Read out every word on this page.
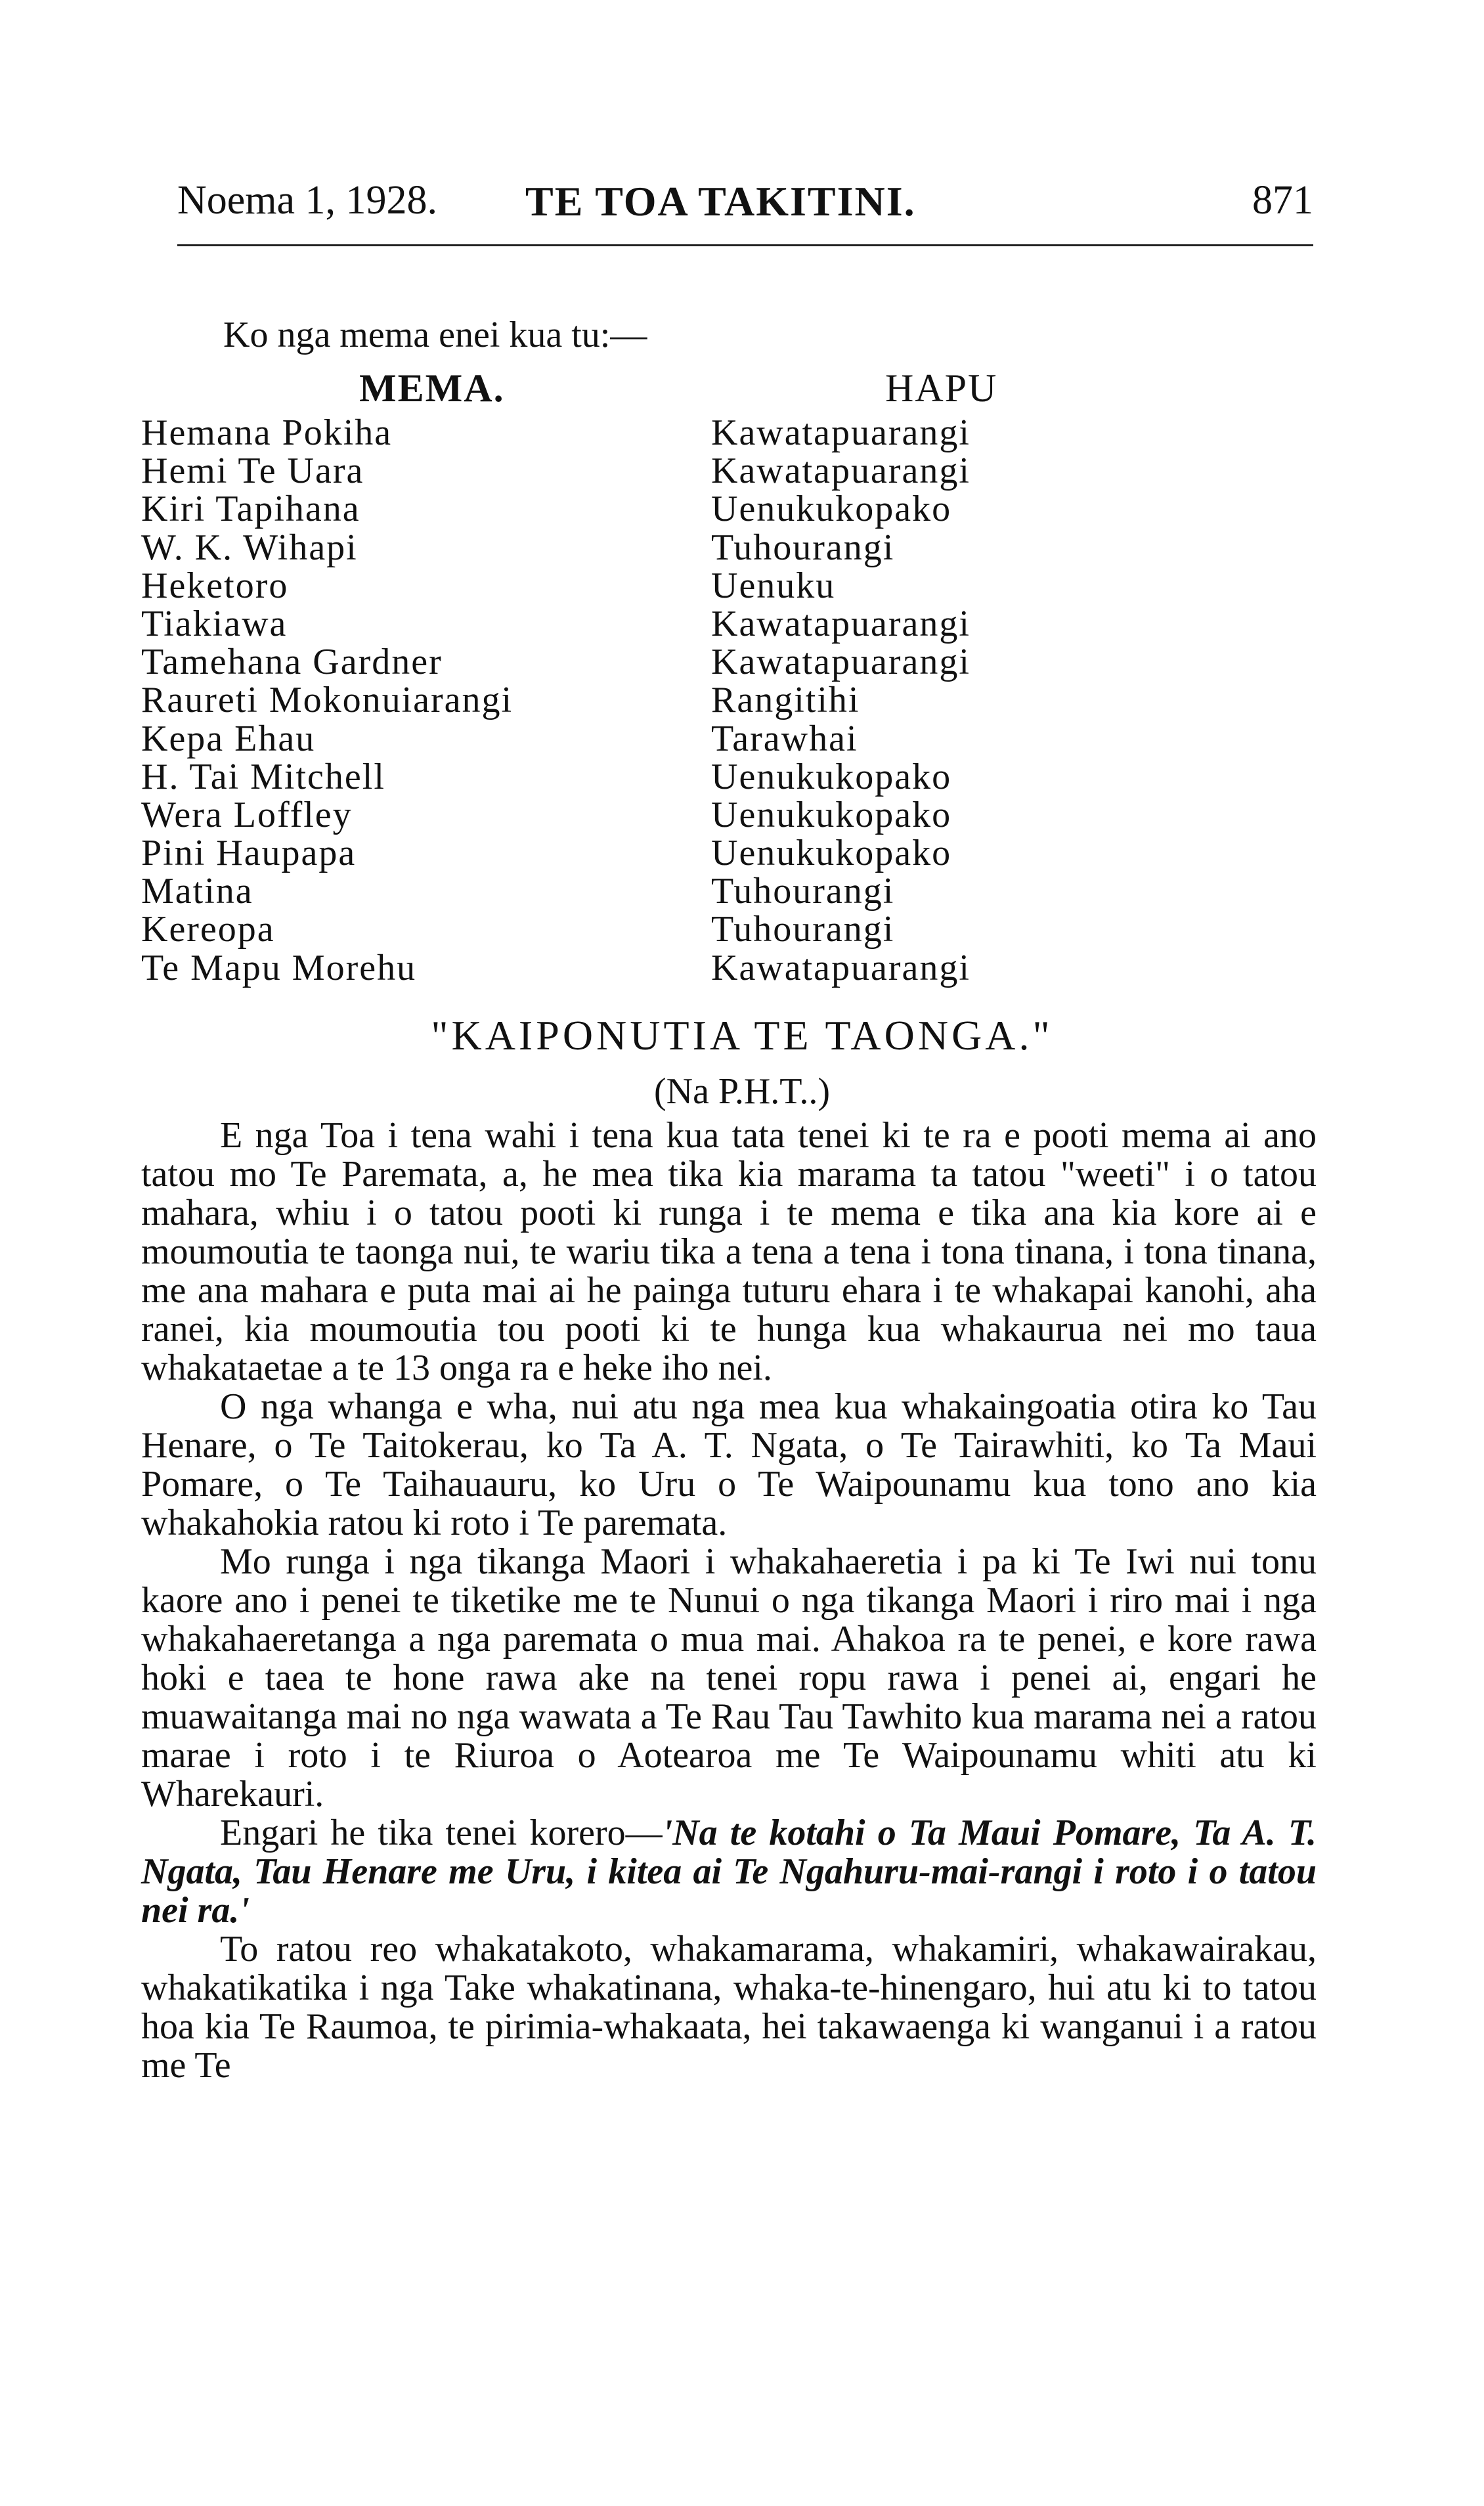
Noema 1, 1928. TE TOA TAKITINI.	871
Ko nga mema enei kua tu:—
MEMA.
Hemana Pokiha
Hemi Te Uara
Kiri Tapihana
W. K. Wihapi
Heketoro
Tiakiawa
Tamehana Gardner
Raureti Mokonuiarangi
Kepa Ehau
H. Tai Mitchell
Wera Loffley
Pini Haupapa
Matina
Kereopa
Te Mapu Morehu
HAPU
Kawatapuarangi
Kawatapuarangi
Uenukukopako
Tuhourangi
Uenuku
Kawatapuarangi
Kawatapuarangi
Rangitihi
Tarawhai
Uenukukopako
Uenukukopako
Uenukukopako
Tuhourangi
Tuhourangi
Kawatapuarangi
"KAIPONUTIA TE TAONGA."
(Na P.H.T..)

E nga Toa i tena wahi i tena kua tata tenei ki te ra e pooti mema ai ano tatou mo Te Paremata, a, he mea tika kia marama ta tatou "weeti" i o tatou mahara, whiu i o tatou pooti ki runga i te mema e tika ana kia kore ai e moumoutia te taonga nui, te wariu tika a tena a tena i tona tinana, i tona tinana, me ana mahara e puta mai ai he painga tuturu ehara i te whakapai kanohi, aha ranei, kia moumoutia tou pooti ki te hunga kua whakaurua nei mo taua whakataetae a te 13 onga ra e heke iho nei.

O nga whanga e wha, nui atu nga mea kua whakaingoatia otira ko Tau Henare, o Te Taitokerau, ko Ta A. T. Ngata, o Te Tairawhiti, ko Ta Maui Pomare, o Te Taihauauru, ko Uru o Te Waipounamu kua tono ano kia whakahokia ratou ki roto i Te paremata.

Mo runga i nga tikanga Maori i whakahaeretia i pa ki Te Iwi nui tonu kaore ano i penei te tiketike me te Nunui o nga tikanga Maori i riro mai i nga whakahaeretanga a nga paremata o mua mai. Ahakoa ra te penei, e kore rawa hoki e taea te hone rawa ake na tenei ropu rawa i penei ai, engari he muawaitanga mai no nga wawata a Te Rau Tau Tawhito kua marama nei a ratou marae i roto i te Riuroa o Aotearoa me Te Waipounamu whiti atu ki Wharekauri.

Engari he tika tenei korero—'Na te kotahi o Ta Maui Pomare, Ta A. T. Ngata, Tau Henare me Uru, i kitea ai Te Ngahuru-mai-rangi i roto i o tatou nei ra.'

To ratou reo whakatakoto, whakamarama, whakamiri, whakawairakau, whakatikatika i nga Take whakatinana, whaka-te-hinengaro, hui atu ki to tatou hoa kia Te Raumoa, te pirimia-whakaata, hei takawaenga ki wanganui i a ratou me Te
